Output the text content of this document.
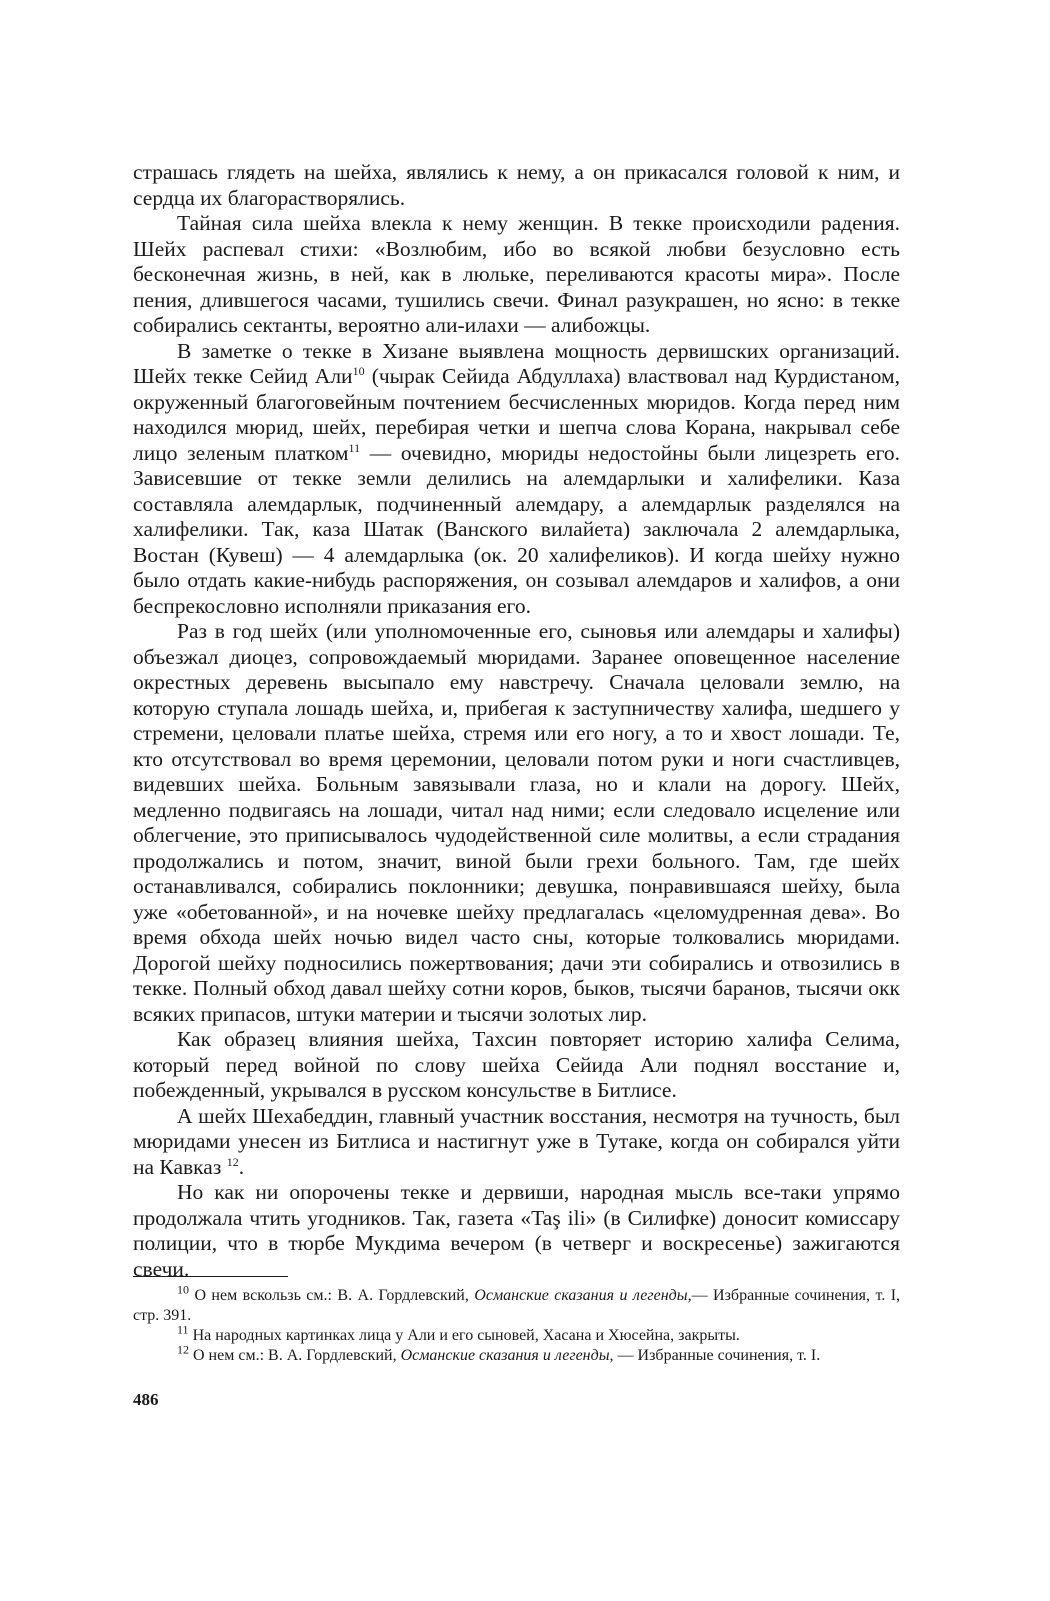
страшась глядеть на шейха, являлись к нему, а он прикасался головой к ним, и сердца их благорастворялись.

Тайная сила шейха влекла к нему женщин. В текке происходили радения. Шейх распевал стихи: «Возлюбим, ибо во всякой любви безусловно есть бесконечная жизнь, в ней, как в люльке, переливаются красоты мира». После пения, длившегося часами, тушились свечи. Финал разукрашен, но ясно: в текке собирались сектанты, вероятно али-илахи — алибожцы.

В заметке о текке в Хизане выявлена мощность дервишских организаций. Шейх текке Сейид Али$^{10}$ (чырак Сейида Абдуллаха) властвовал над Курдистаном, окруженный благоговейным почтением бесчисленных мюридов. Когда перед ним находился мюрид, шейх, перебирая четки и шепча слова Корана, накрывал себе лицо зеленым платком$^{11}$ — очевидно, мюриды недостойны были лицезреть его. Зависевшие от текке земли делились на алемдарлыки и халифелики. Каза составляла алемдарлык, подчиненный алемдару, а алемдарлык разделялся на халифелики. Так, каза Шатак (Ванского вилайета) заключала 2 алемдарлыка, Востан (Кувеш) — 4 алемдарлыка (ок. 20 халифеликов). И когда шейху нужно было отдать какие-нибудь распоряжения, он созывал алемдаров и халифов, а они беспрекословно исполняли приказания его.

Раз в год шейх (или уполномоченные его, сыновья или алемдары и халифы) объезжал диоцез, сопровождаемый мюридами. Заранее оповещенное население окрестных деревень высыпало ему навстречу. Сначала целовали землю, на которую ступала лошадь шейха, и, прибегая к заступничеству халифа, шедшего у стремени, целовали платье шейха, стремя или его ногу, а то и хвост лошади. Те, кто отсутствовал во время церемонии, целовали потом руки и ноги счастливцев, видевших шейха. Больным завязывали глаза, но и клали на дорогу. Шейх, медленно подвигаясь на лошади, читал над ними; если следовало исцеление или облегчение, это приписывалось чудодейственной силе молитвы, а если страдания продолжались и потом, значит, виной были грехи больного. Там, где шейх останавливался, собирались поклонники; девушка, понравившаяся шейху, была уже «обетованной», и на ночевке шейху предлагалась «целомудренная дева». Во время обхода шейх ночью видел часто сны, которые толковались мюридами. Дорогой шейху подносились пожертвования; дачи эти собирались и отвозились в текке. Полный обход давал шейху сотни коров, быков, тысячи баранов, тысячи окк всяких припасов, штуки материи и тысячи золотых лир.

Как образец влияния шейха, Тахсин повторяет историю халифа Селима, который перед войной по слову шейха Сейида Али поднял восстание и, побежденный, укрывался в русском консульстве в Битлисе.

А шейх Шехабеддин, главный участник восстания, несмотря на тучность, был мюридами унесен из Битлиса и настигнут уже в Тутаке, когда он собирался уйти на Кавказ $^{12}$.

Но как ни опорочены текке и дервиши, народная мысль все-таки упрямо продолжала чтить угодников. Так, газета «Taş ili» (в Силифке) доносит комиссару полиции, что в тюрбе Мукдима вечером (в четверг и воскресенье) зажигаются свечи.

$^{10}$ О нем вскользь см.: В. А. Гордлевский, Османские сказания и легенды,— Избранные сочинения, т. I, стр. 391.

$^{11}$ На народных картинках лица у Али и его сыновей, Хасана и Хюсейна, закрыты.

$^{12}$ О нем см.: В. А. Гордлевский, Османские сказания и легенды, — Избранные сочинения, т. I.

486
